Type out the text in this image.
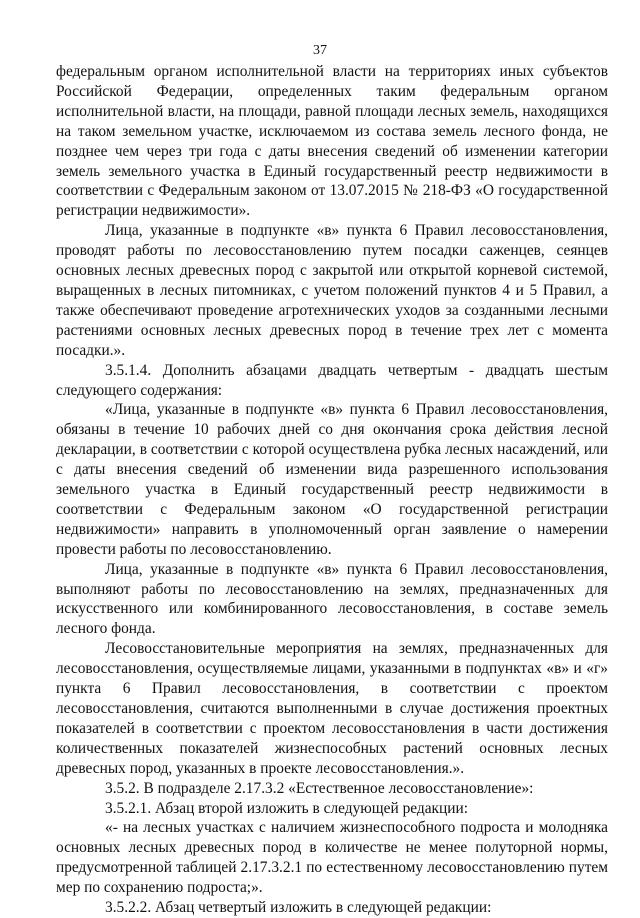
37

федеральным органом исполнительной власти на территориях иных субъектов Российской Федерации, определенных таким федеральным органом исполнительной власти, на площади, равной площади лесных земель, находящихся на таком земельном участке, исключаемом из состава земель лесного фонда, не позднее чем через три года с даты внесения сведений об изменении категории земель земельного участка в Единый государственный реестр недвижимости в соответствии с Федеральным законом от 13.07.2015 № 218-ФЗ «О государственной регистрации недвижимости».

Лица, указанные в подпункте «в» пункта 6 Правил лесовосстановления, проводят работы по лесовосстановлению путем посадки саженцев, сеянцев основных лесных древесных пород с закрытой или открытой корневой системой, выращенных в лесных питомниках, с учетом положений пунктов 4 и 5 Правил, а также обеспечивают проведение агротехнических уходов за созданными лесными растениями основных лесных древесных пород в течение трех лет с момента посадки.».

3.5.1.4. Дополнить абзацами двадцать четвертым - двадцать шестым следующего содержания:

«Лица, указанные в подпункте «в» пункта 6 Правил лесовосстановления, обязаны в течение 10 рабочих дней со дня окончания срока действия лесной декларации, в соответствии с которой осуществлена рубка лесных насаждений, или с даты внесения сведений об изменении вида разрешенного использования земельного участка в Единый государственный реестр недвижимости в соответствии с Федеральным законом «О государственной регистрации недвижимости» направить в уполномоченный орган заявление о намерении провести работы по лесовосстановлению.

Лица, указанные в подпункте «в» пункта 6 Правил лесовосстановления, выполняют работы по лесовосстановлению на землях, предназначенных для искусственного или комбинированного лесовосстановления, в составе земель лесного фонда.

Лесовосстановительные мероприятия на землях, предназначенных для лесовосстановления, осуществляемые лицами, указанными в подпунктах «в» и «г» пункта 6 Правил лесовосстановления, в соответствии с проектом лесовосстановления, считаются выполненными в случае достижения проектных показателей в соответствии с проектом лесовосстановления в части достижения количественных показателей жизнеспособных растений основных лесных древесных пород, указанных в проекте лесовосстановления.».

3.5.2. В подразделе 2.17.3.2 «Естественное лесовосстановление»:

3.5.2.1. Абзац второй изложить в следующей редакции:

«- на лесных участках с наличием жизнеспособного подроста и молодняка основных лесных древесных пород в количестве не менее полуторной нормы, предусмотренной таблицей 2.17.3.2.1 по естественному лесовосстановлению путем мер по сохранению подроста;».

3.5.2.2. Абзац четвертый изложить в следующей редакции:
